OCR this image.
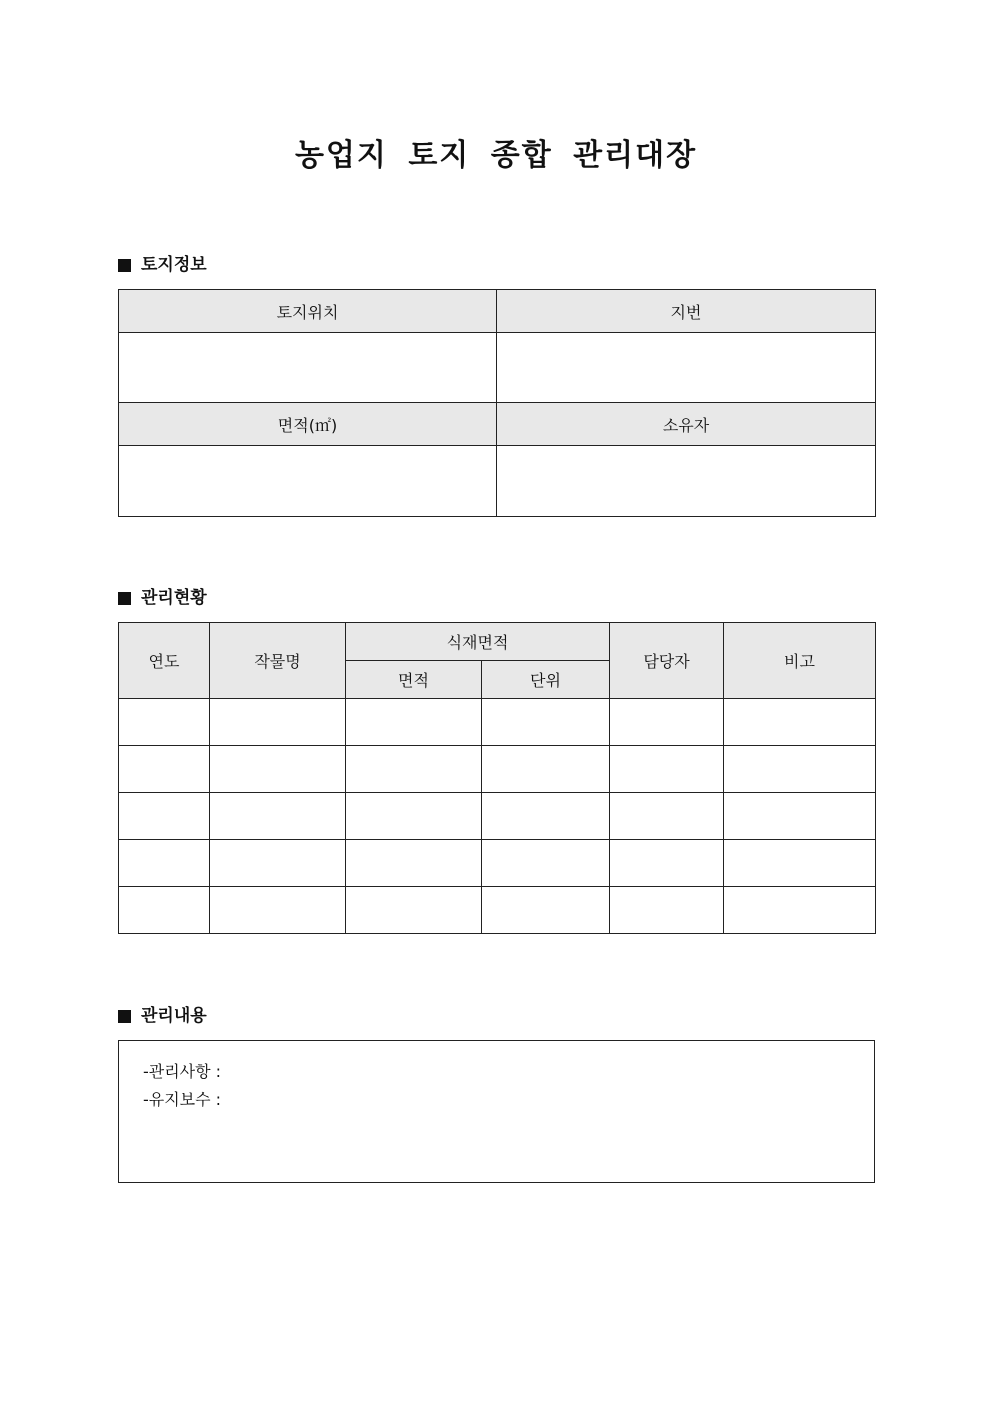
농업지 토지 종합 관리대장
토지정보
토지위치	지번

면적(㎡)	소유자

관리현황
연도	작물명	식재면적		담당자	비고
		면적	단위		

관리내용
-관리사항 :
-유지보수 :
